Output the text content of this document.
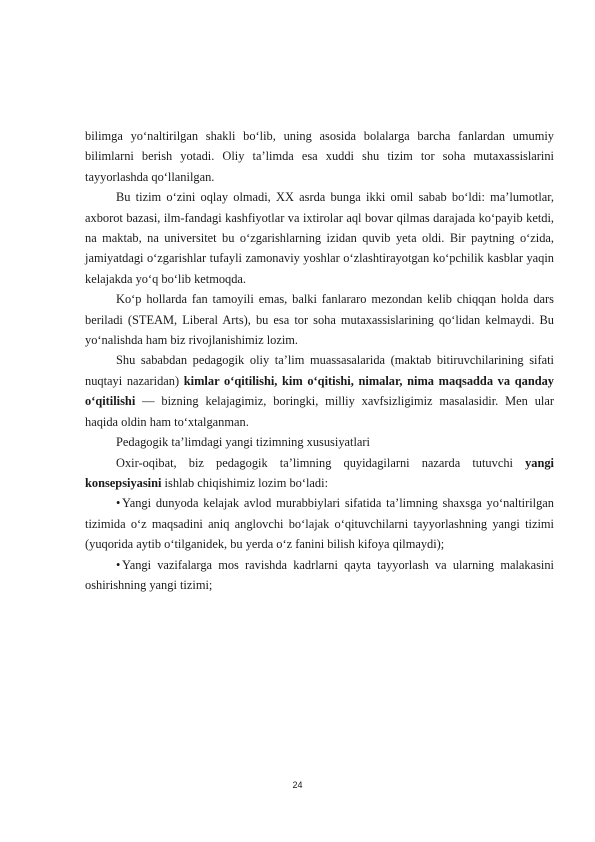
bilimga yo‘naltirilgan shakli bo‘lib, uning asosida bolalarga barcha fanlardan umumiy bilimlarni berish yotadi. Oliy ta’limda esa xuddi shu tizim tor soha mutaxassislarini tayyorlashda qo‘llanilgan.

Bu tizim o‘zini oqlay olmadi, XX asrda bunga ikki omil sabab bo‘ldi: ma’lumotlar, axborot bazasi, ilm-fandagi kashfiyotlar va ixtirolar aql bovar qilmas darajada ko‘payib ketdi, na maktab, na universitet bu o‘zgarishlarning izidan quvib yeta oldi. Bir paytning o‘zida, jamiyatdagi o‘zgarishlar tufayli zamonaviy yoshlar o‘zlashtirayotgan ko‘pchilik kasblar yaqin kelajakda yo‘q bo‘lib ketmoqda.

Ko‘p hollarda fan tamoyili emas, balki fanlararo mezondan kelib chiqqan holda dars beriladi (STEAM, Liberal Arts), bu esa tor soha mutaxassislarining qo‘lidan kelmaydi. Bu yo‘nalishda ham biz rivojlanishimiz lozim.

Shu sababdan pedagogik oliy ta’lim muassasalarida (maktab bitiruvchilarining sifati nuqtayi nazaridan) kimlar o‘qitilishi, kim o‘qitishi, nimalar, nima maqsadda va qanday o‘qitilishi — bizning kelajagimiz, boringki, milliy xavfsizligimiz masalasidir. Men ular haqida oldin ham to‘xtalganman.

Pedagogik ta’limdagi yangi tizimning xususiyatlari

Oxir-oqibat, biz pedagogik ta’limning quyidagilarni nazarda tutuvchi yangi konsepsiyasini ishlab chiqishimiz lozim bo‘ladi:

• Yangi dunyoda kelajak avlod murabbiylari sifatida ta’limning shaxsga yo‘naltirilgan tizimida o‘z maqsadini aniq anglovchi bo‘lajak o‘qituvchilarni tayyorlashning yangi tizimi (yuqorida aytib o‘tilganidek, bu yerda o‘z fanini bilish kifoya qilmaydi);

• Yangi vazifalarga mos ravishda kadrlarni qayta tayyorlash va ularning malakasini oshirishning yangi tizimi;

24
